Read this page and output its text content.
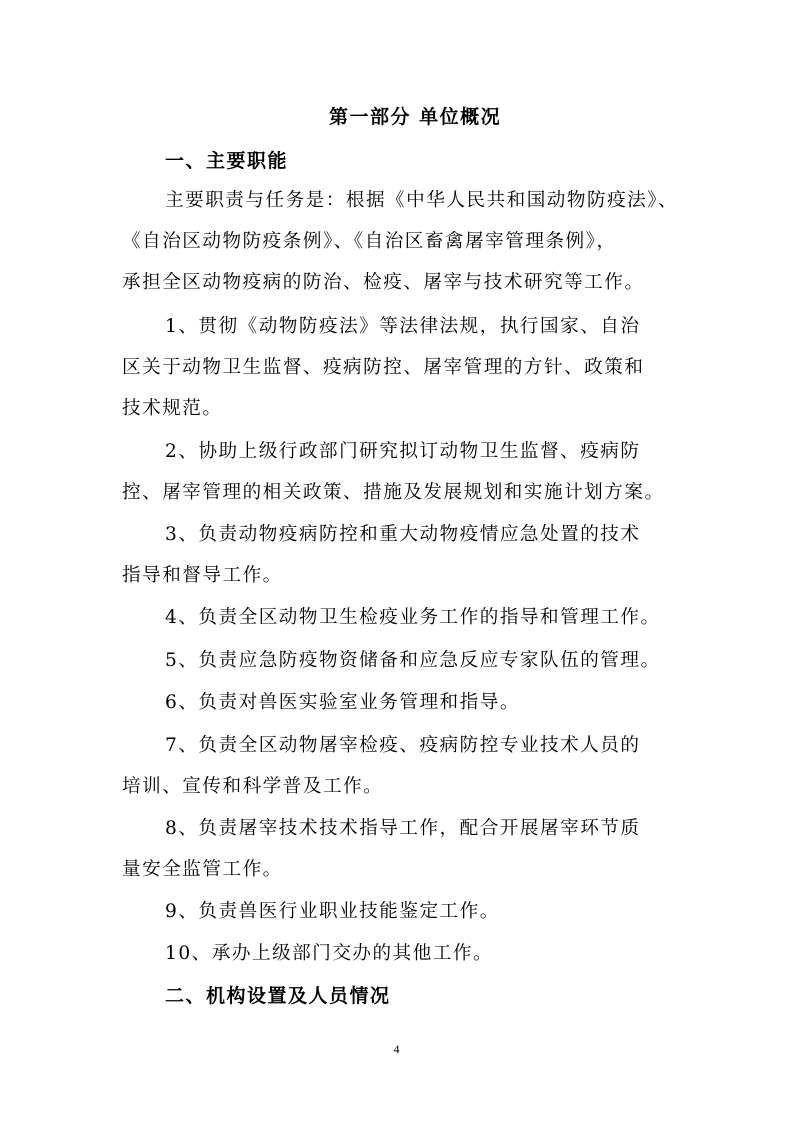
第一部分 单位概况
一、主要职能
主要职责与任务是：根据《中华人民共和国动物防疫法》、
《自治区动物防疫条例》、《自治区畜禽屠宰管理条例》，
承担全区动物疫病的防治、检疫、屠宰与技术研究等工作。
1、贯彻《动物防疫法》等法律法规，执行国家、自治
区关于动物卫生监督、疫病防控、屠宰管理的方针、政策和
技术规范。
2、协助上级行政部门研究拟订动物卫生监督、疫病防
控、屠宰管理的相关政策、措施及发展规划和实施计划方案。
3、负责动物疫病防控和重大动物疫情应急处置的技术
指导和督导工作。
4、负责全区动物卫生检疫业务工作的指导和管理工作。
5、负责应急防疫物资储备和应急反应专家队伍的管理。
6、负责对兽医实验室业务管理和指导。
7、负责全区动物屠宰检疫、疫病防控专业技术人员的
培训、宣传和科学普及工作。
8、负责屠宰技术技术指导工作，配合开展屠宰环节质
量安全监管工作。
9、负责兽医行业职业技能鉴定工作。
10、承办上级部门交办的其他工作。
二、机构设置及人员情况
4
